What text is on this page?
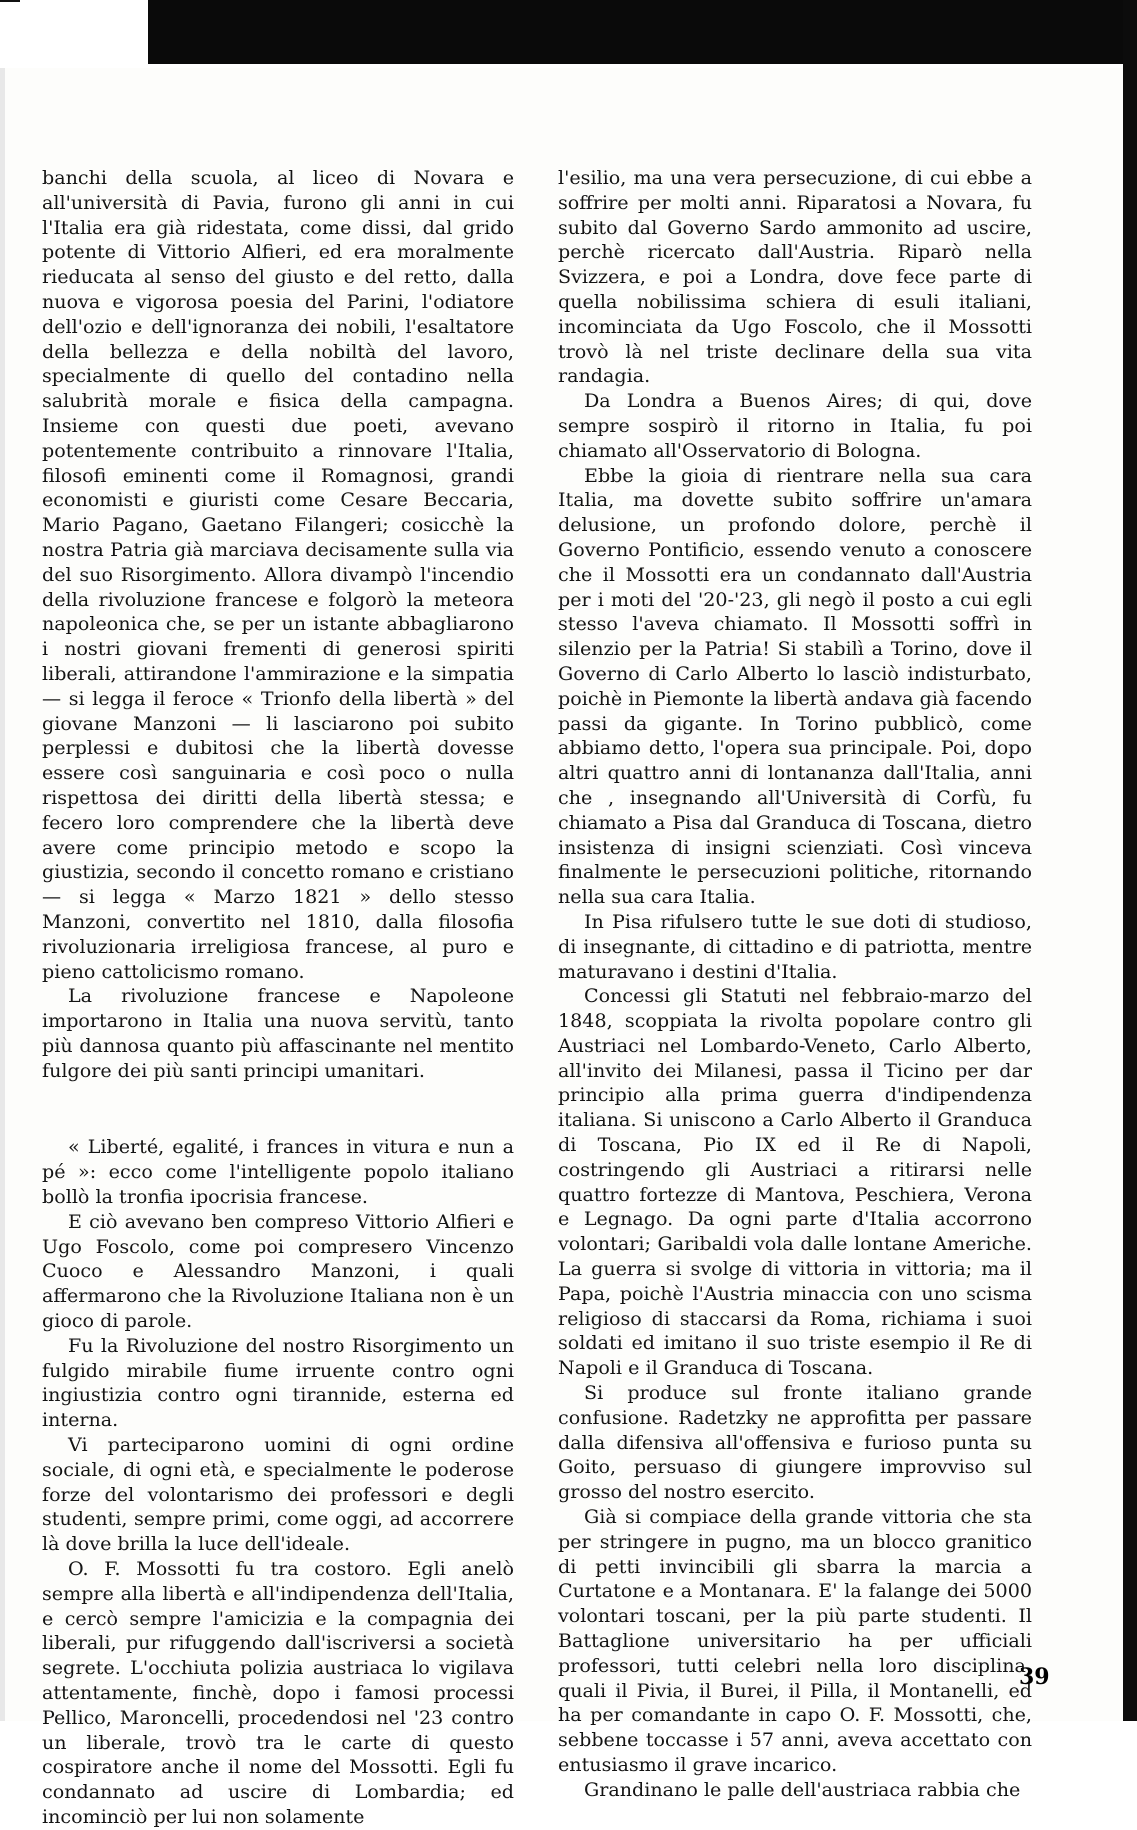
banchi della scuola, al liceo di Novara e all'università di Pavia, furono gli anni in cui l'Italia era già ridestata, come dissi, dal grido potente di Vittorio Alfieri, ed era moralmente rieducata al senso del giusto e del retto, dalla nuova e vigorosa poesia del Parini, l'odiatore dell'ozio e dell'ignoranza dei nobili, l'esaltatore della bellezza e della nobiltà del lavoro, specialmente di quello del contadino nella salubrità morale e fisica della campagna. Insieme con questi due poeti, avevano potentemente contribuito a rinnovare l'Italia, filosofi eminenti come il Romagnosi, grandi economisti e giuristi come Cesare Beccaria, Mario Pagano, Gaetano Filangeri; cosicchè la nostra Patria già marciava decisamente sulla via del suo Risorgimento. Allora divampò l'incendio della rivoluzione francese e folgorò la meteora napoleonica che, se per un istante abbagliarono i nostri giovani frementi di generosi spiriti liberali, attirandone l'ammirazione e la simpatia — si legga il feroce « Trionfo della libertà » del giovane Manzoni — li lasciarono poi subito perplessi e dubitosi che la libertà dovesse essere così sanguinaria e così poco o nulla rispettosa dei diritti della libertà stessa; e fecero loro comprendere che la libertà deve avere come principio metodo e scopo la giustizia, secondo il concetto romano e cristiano — si legga « Marzo 1821 » dello stesso Manzoni, convertito nel 1810, dalla filosofia rivoluzionaria irreligiosa francese, al puro e pieno cattolicismo romano.

La rivoluzione francese e Napoleone importarono in Italia una nuova servitù, tanto più dannosa quanto più affascinante nel mentito fulgore dei più santi principi umanitari.

« Liberté, egalité, i frances in vitura e nun a pé »: ecco come l'intelligente popolo italiano bollò la tronfia ipocrisia francese.

E ciò avevano ben compreso Vittorio Alfieri e Ugo Foscolo, come poi compresero Vincenzo Cuoco e Alessandro Manzoni, i quali affermarono che la Rivoluzione Italiana non è un gioco di parole.

Fu la Rivoluzione del nostro Risorgimento un fulgido mirabile fiume irruente contro ogni ingiustizia contro ogni tirannide, esterna ed interna.

Vi parteciparono uomini di ogni ordine sociale, di ogni età, e specialmente le poderose forze del volontarismo dei professori e degli studenti, sempre primi, come oggi, ad accorrere là dove brilla la luce dell'ideale.

O. F. Mossotti fu tra costoro. Egli anelò sempre alla libertà e all'indipendenza dell'Italia, e cercò sempre l'amicizia e la compagnia dei liberali, pur rifuggendo dall'iscriversi a società segrete. L'occhiuta polizia austriaca lo vigilava attentamente, finchè, dopo i famosi processi Pellico, Maroncelli, procedendosi nel '23 contro un liberale, trovò tra le carte di questo cospiratore anche il nome del Mossotti. Egli fu condannato ad uscire di Lombardia; ed incominciò per lui non solamente

l'esilio, ma una vera persecuzione, di cui ebbe a soffrire per molti anni. Riparatosi a Novara, fu subito dal Governo Sardo ammonito ad uscire, perchè ricercato dall'Austria. Riparò nella Svizzera, e poi a Londra, dove fece parte di quella nobilissima schiera di esuli italiani, incominciata da Ugo Foscolo, che il Mossotti trovò là nel triste declinare della sua vita randagia.

Da Londra a Buenos Aires; di qui, dove sempre sospirò il ritorno in Italia, fu poi chiamato all'Osservatorio di Bologna.

Ebbe la gioia di rientrare nella sua cara Italia, ma dovette subito soffrire un'amara delusione, un profondo dolore, perchè il Governo Pontificio, essendo venuto a conoscere che il Mossotti era un condannato dall'Austria per i moti del '20-'23, gli negò il posto a cui egli stesso l'aveva chiamato. Il Mossotti soffrì in silenzio per la Patria! Si stabilì a Torino, dove il Governo di Carlo Alberto lo lasciò indisturbato, poichè in Piemonte la libertà andava già facendo passi da gigante. In Torino pubblicò, come abbiamo detto, l'opera sua principale. Poi, dopo altri quattro anni di lontananza dall'Italia, anni che , insegnando all'Università di Corfù, fu chiamato a Pisa dal Granduca di Toscana, dietro insistenza di insigni scienziati. Così vinceva finalmente le persecuzioni politiche, ritornando nella sua cara Italia.

In Pisa rifulsero tutte le sue doti di studioso, di insegnante, di cittadino e di patriotta, mentre maturavano i destini d'Italia.

Concessi gli Statuti nel febbraio-marzo del 1848, scoppiata la rivolta popolare contro gli Austriaci nel Lombardo-Veneto, Carlo Alberto, all'invito dei Milanesi, passa il Ticino per dar principio alla prima guerra d'indipendenza italiana. Si uniscono a Carlo Alberto il Granduca di Toscana, Pio IX ed il Re di Napoli, costringendo gli Austriaci a ritirarsi nelle quattro fortezze di Mantova, Peschiera, Verona e Legnago. Da ogni parte d'Italia accorrono volontari; Garibaldi vola dalle lontane Americhe. La guerra si svolge di vittoria in vittoria; ma il Papa, poichè l'Austria minaccia con uno scisma religioso di staccarsi da Roma, richiama i suoi soldati ed imitano il suo triste esempio il Re di Napoli e il Granduca di Toscana.

Si produce sul fronte italiano grande confusione. Radetzky ne approfitta per passare dalla difensiva all'offensiva e furioso punta su Goito, persuaso di giungere improvviso sul grosso del nostro esercito.

Già si compiace della grande vittoria che sta per stringere in pugno, ma un blocco granitico di petti invincibili gli sbarra la marcia a Curtatone e a Montanara. E' la falange dei 5000 volontari toscani, per la più parte studenti. Il Battaglione universitario ha per ufficiali professori, tutti celebri nella loro disciplina, quali il Pivia, il Burei, il Pilla, il Montanelli, ed ha per comandante in capo O. F. Mossotti, che, sebbene toccasse i 57 anni, aveva accettato con entusiasmo il grave incarico.

Grandinano le palle dell'austriaca rabbia che

39
